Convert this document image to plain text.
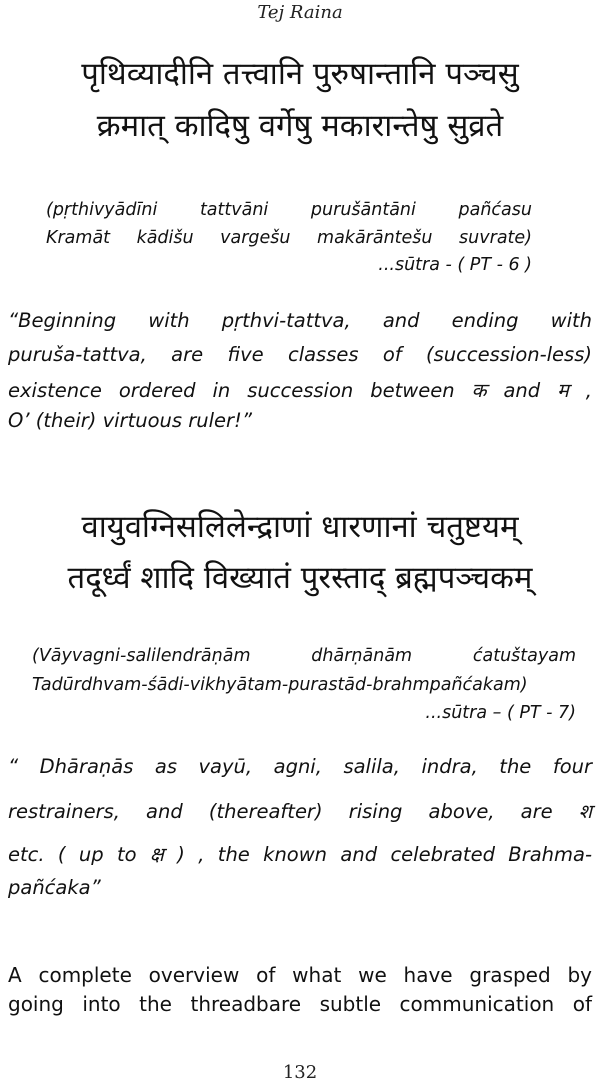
Tej Raina
पृथिव्यादीनि तत्त्वानि पुरुषान्तानि पञ्चसु
क्रमात् कादिषु वर्गेषु मकारान्तेषु सुव्रते
(pṛthivyādīni tattvāni purušāntāni pañćasu
Kramāt kādišu vargešu makārāntešu suvrate)
...sūtra - ( PT - 6 )
“Beginning with pṛthvi-tattva, and ending with
puruša-tattva, are five classes of (succession-less)
existence ordered in succession between क and म ,
O’ (their) virtuous ruler!”
वायुवग्निसलिलेन्द्राणां धारणानां चतुष्टयम्
तदूर्ध्वं शादि विख्यातं पुरस्ताद् ब्रह्मपञ्चकम्
(Vāyvagni-salilendrāṇām dhārṇānām ćatuštayam
Tadūrdhvam-śādi-vikhyātam-purastād-brahmpañćakam)
...sūtra – ( PT - 7)
“ Dhāraṇās as vayū, agni, salila, indra, the four
restrainers, and (thereafter) rising above, are श
etc. ( up to क्ष ) , the known and celebrated Brahma-
pañćaka”
A complete overview of what we have grasped by
going into the threadbare subtle communication of
132
